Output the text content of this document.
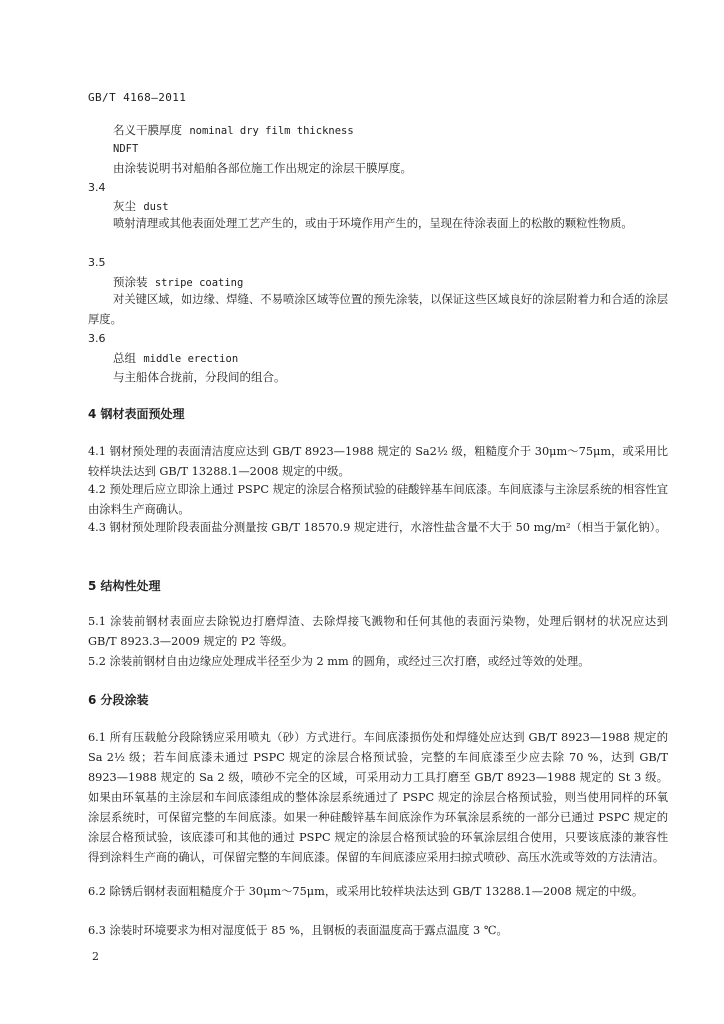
GB/T 4168—2011
名义干膜厚度 nominal dry film thickness
NDFT
由涂装说明书对船舶各部位施工作出规定的涂层干膜厚度。
3.4
灰尘 dust
喷射清理或其他表面处理工艺产生的，或由于环境作用产生的，呈现在待涂表面上的松散的颗粒性物质。
3.5
预涂装 stripe coating
对关键区域，如边缘、焊缝、不易喷涂区域等位置的预先涂装，以保证这些区域良好的涂层附着力和合适的涂层厚度。
3.6
总组 middle erection
与主船体合拢前，分段间的组合。
4 钢材表面预处理
4.1 钢材预处理的表面清洁度应达到 GB/T 8923—1988 规定的 Sa2½ 级，粗糙度介于 30μm～75μm，或采用比较样块法达到 GB/T 13288.1—2008 规定的中级。
4.2 预处理后应立即涂上通过 PSPC 规定的涂层合格预试验的硅酸锌基车间底漆。车间底漆与主涂层系统的相容性宜由涂料生产商确认。
4.3 钢材预处理阶段表面盐分测量按 GB/T 18570.9 规定进行，水溶性盐含量不大于 50 mg/m²（相当于氯化钠）。
5 结构性处理
5.1 涂装前钢材表面应去除锐边打磨焊渣、去除焊接飞溅物和任何其他的表面污染物，处理后钢材的状况应达到 GB/T 8923.3—2009 规定的 P2 等级。
5.2 涂装前钢材自由边缘应处理成半径至少为 2 mm 的圆角，或经过三次打磨，或经过等效的处理。
6 分段涂装
6.1 所有压载舱分段除锈应采用喷丸（砂）方式进行。车间底漆损伤处和焊缝处应达到 GB/T 8923—1988 规定的 Sa 2½ 级；若车间底漆未通过 PSPC 规定的涂层合格预试验，完整的车间底漆至少应去除 70 %，达到 GB/T 8923—1988 规定的 Sa 2 级，喷砂不完全的区域，可采用动力工具打磨至 GB/T 8923—1988 规定的 St 3 级。如果由环氧基的主涂层和车间底漆组成的整体涂层系统通过了 PSPC 规定的涂层合格预试验，则当使用同样的环氧涂层系统时，可保留完整的车间底漆。如果一种硅酸锌基车间底涂作为环氧涂层系统的一部分已通过 PSPC 规定的涂层合格预试验，该底漆可和其他的通过 PSPC 规定的涂层合格预试验的环氧涂层组合使用，只要该底漆的兼容性得到涂料生产商的确认，可保留完整的车间底漆。保留的车间底漆应采用扫掠式喷砂、高压水洗或等效的方法清洁。
6.2 除锈后钢材表面粗糙度介于 30μm～75μm，或采用比较样块法达到 GB/T 13288.1—2008 规定的中级。
6.3 涂装时环境要求为相对湿度低于 85 %，且钢板的表面温度高于露点温度 3 ℃。
2
